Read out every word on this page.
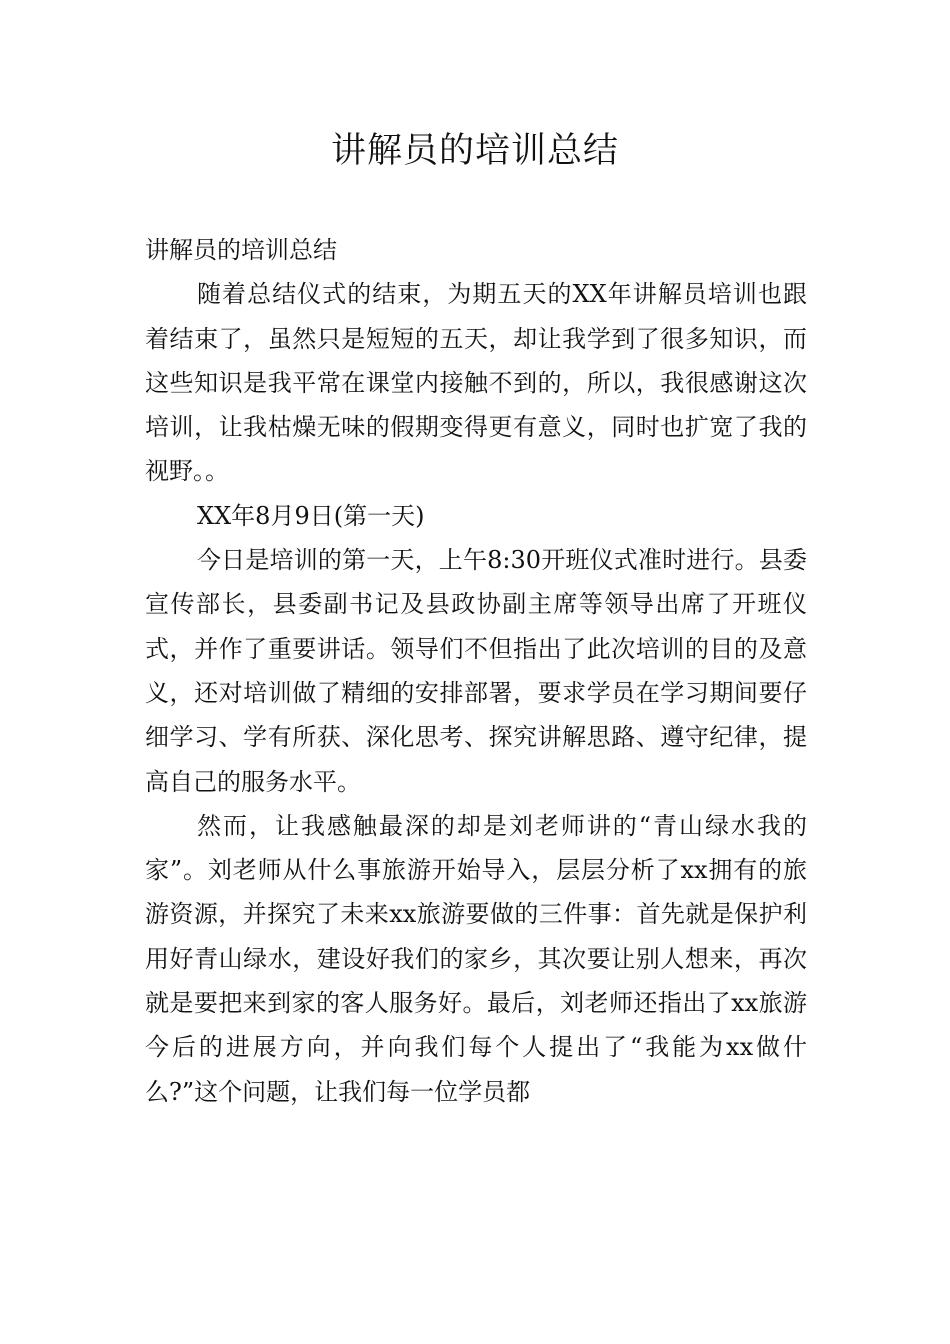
讲解员的培训总结

讲解员的培训总结

随着总结仪式的结束，为期五天的XX年讲解员培训也跟着结束了，虽然只是短短的五天，却让我学到了很多知识，而这些知识是我平常在课堂内接触不到的，所以，我很感谢这次培训，让我枯燥无味的假期变得更有意义，同时也扩宽了我的视野。。

XX年8月9日(第一天)

今日是培训的第一天，上午8:30开班仪式准时进行。县委宣传部长，县委副书记及县政协副主席等领导出席了开班仪式，并作了重要讲话。领导们不但指出了此次培训的目的及意义，还对培训做了精细的安排部署，要求学员在学习期间要仔细学习、学有所获、深化思考、探究讲解思路、遵守纪律，提高自己的服务水平。

然而，让我感触最深的却是刘老师讲的“青山绿水我的家”。刘老师从什么事旅游开始导入，层层分析了xx拥有的旅游资源，并探究了未来xx旅游要做的三件事：首先就是保护利用好青山绿水，建设好我们的家乡，其次要让别人想来，再次就是要把来到家的客人服务好。最后，刘老师还指出了xx旅游今后的进展方向，并向我们每个人提出了“我能为xx做什么?”这个问题，让我们每一位学员都
